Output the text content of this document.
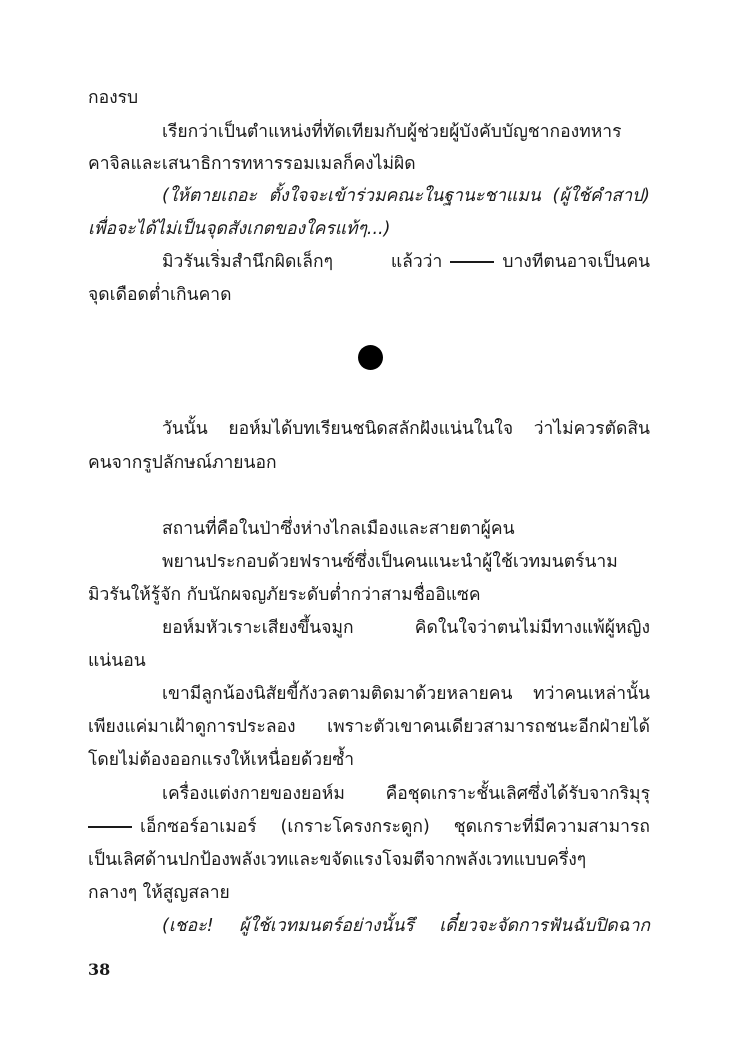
กองรบ
เรียกว่าเป็นตำแหน่งที่ทัดเทียมกับผู้ช่วยผู้บังคับบัญชากองทหาร
คาจิลและเสนาธิการทหารรอมเมลก็คงไม่ผิด
(ให้ตายเถอะ ตั้งใจจะเข้าร่วมคณะในฐานะชาแมน (ผู้ใช้คำสาป)
เพื่อจะได้ไม่เป็นจุดสังเกตของใครแท้ๆ...)
มิวรันเริ่มสำนึกผิดเล็กๆ แล้วว่า	บางทีตนอาจเป็นคน
จุดเดือดต่ำเกินคาด
วันนั้น ยอห์มได้บทเรียนชนิดสลักฝังแน่นในใจ ว่าไม่ควรตัดสิน
คนจากรูปลักษณ์ภายนอก
สถานที่คือในป่าซึ่งห่างไกลเมืองและสายตาผู้คน
พยานประกอบด้วยฟรานซ์ซึ่งเป็นคนแนะนำผู้ใช้เวทมนตร์นาม
มิวรันให้รู้จัก กับนักผจญภัยระดับต่ำกว่าสามชื่ออิแซค
ยอห์มหัวเราะเสียงขึ้นจมูก คิดในใจว่าตนไม่มีทางแพ้ผู้หญิง
แน่นอน
เขามีลูกน้องนิสัยขี้กังวลตามติดมาด้วยหลายคน ทว่าคนเหล่านั้น
เพียงแค่มาเฝ้าดูการประลอง เพราะตัวเขาคนเดียวสามารถชนะอีกฝ่ายได้
โดยไม่ต้องออกแรงให้เหนื่อยด้วยซ้ำ
เครื่องแต่งกายของยอห์ม คือชุดเกราะชั้นเลิศซึ่งได้รับจากริมุรุ
เอ็กซอร์อาเมอร์ (เกราะโครงกระดูก) ชุดเกราะที่มีความสามารถ
เป็นเลิศด้านปกป้องพลังเวทและขจัดแรงโจมตีจากพลังเวทแบบครึ่งๆ
กลางๆ ให้สูญสลาย
(เชอะ! ผู้ใช้เวทมนตร์อย่างนั้นรึ เดี๋ยวจะจัดการฟันฉับปิดฉาก
38
